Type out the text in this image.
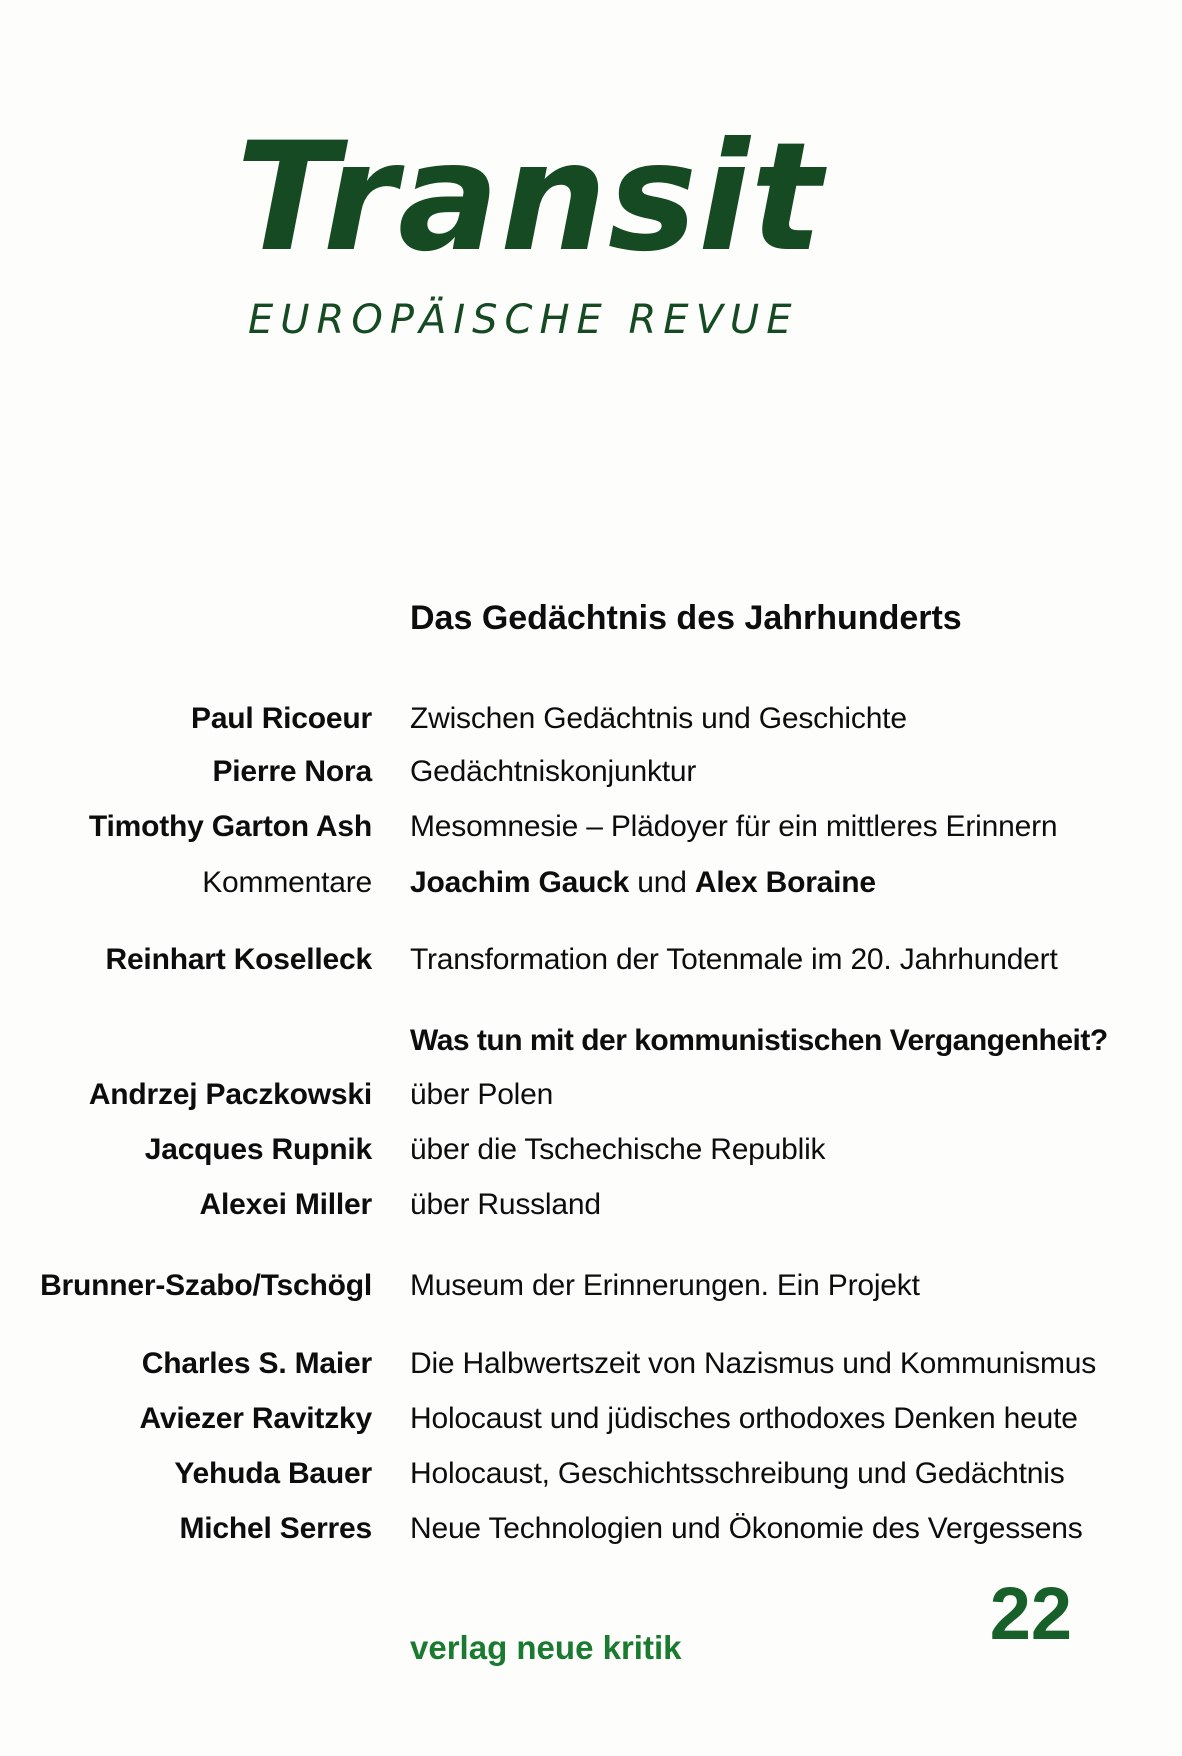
Transit
EUROPÄISCHE REVUE
Das Gedächtnis des Jahrhunderts
Paul Ricoeur Zwischen Gedächtnis und Geschichte
Pierre Nora Gedächtniskonjunktur
Timothy Garton Ash Mesomnesie – Plädoyer für ein mittleres Erinnern
Kommentare Joachim Gauck und Alex Boraine
Reinhart Koselleck Transformation der Totenmale im 20. Jahrhundert
Was tun mit der kommunistischen Vergangenheit?
Andrzej Paczkowski über Polen
Jacques Rupnik über die Tschechische Republik
Alexei Miller über Russland
Brunner-Szabo/Tschögl Museum der Erinnerungen. Ein Projekt
Charles S. Maier Die Halbwertszeit von Nazismus und Kommunismus
Aviezer Ravitzky Holocaust und jüdisches orthodoxes Denken heute
Yehuda Bauer Holocaust, Geschichtsschreibung und Gedächtnis
Michel Serres Neue Technologien und Ökonomie des Vergessens
verlag neue kritik	22
